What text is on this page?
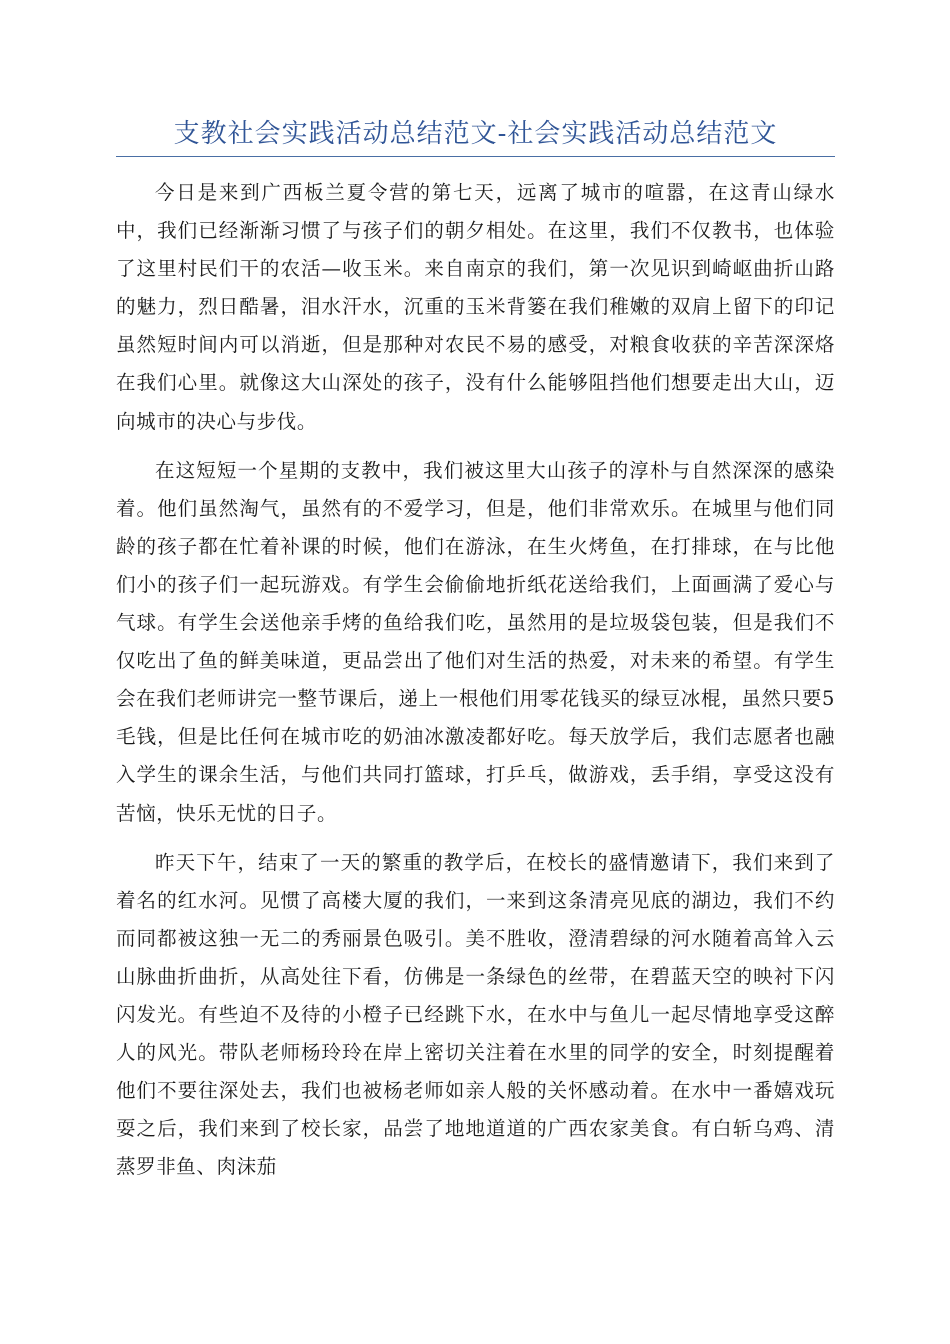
支教社会实践活动总结范文-社会实践活动总结范文

今日是来到广西板兰夏令营的第七天，远离了城市的喧嚣，在这青山绿水中，我们已经渐渐习惯了与孩子们的朝夕相处。在这里，我们不仅教书，也体验了这里村民们干的农活—收玉米。来自南京的我们，第一次见识到崎岖曲折山路的魅力，烈日酷暑，泪水汗水，沉重的玉米背篓在我们稚嫩的双肩上留下的印记虽然短时间内可以消逝，但是那种对农民不易的感受，对粮食收获的辛苦深深烙在我们心里。就像这大山深处的孩子，没有什么能够阻挡他们想要走出大山，迈向城市的决心与步伐。

在这短短一个星期的支教中，我们被这里大山孩子的淳朴与自然深深的感染着。他们虽然淘气，虽然有的不爱学习，但是，他们非常欢乐。在城里与他们同龄的孩子都在忙着补课的时候，他们在游泳，在生火烤鱼，在打排球，在与比他们小的孩子们一起玩游戏。有学生会偷偷地折纸花送给我们，上面画满了爱心与气球。有学生会送他亲手烤的鱼给我们吃，虽然用的是垃圾袋包装，但是我们不仅吃出了鱼的鲜美味道，更品尝出了他们对生活的热爱，对未来的希望。有学生会在我们老师讲完一整节课后，递上一根他们用零花钱买的绿豆冰棍，虽然只要5毛钱，但是比任何在城市吃的奶油冰激凌都好吃。每天放学后，我们志愿者也融入学生的课余生活，与他们共同打篮球，打乒乓，做游戏，丢手绢，享受这没有苦恼，快乐无忧的日子。

昨天下午，结束了一天的繁重的教学后，在校长的盛情邀请下，我们来到了着名的红水河。见惯了高楼大厦的我们，一来到这条清亮见底的湖边，我们不约而同都被这独一无二的秀丽景色吸引。美不胜收，澄清碧绿的河水随着高耸入云山脉曲折曲折，从高处往下看，仿佛是一条绿色的丝带，在碧蓝天空的映衬下闪闪发光。有些迫不及待的小橙子已经跳下水，在水中与鱼儿一起尽情地享受这醉人的风光。带队老师杨玲玲在岸上密切关注着在水里的同学的安全，时刻提醒着他们不要往深处去，我们也被杨老师如亲人般的关怀感动着。在水中一番嬉戏玩耍之后，我们来到了校长家，品尝了地地道道的广西农家美食。有白斩乌鸡、清蒸罗非鱼、肉沫茄
